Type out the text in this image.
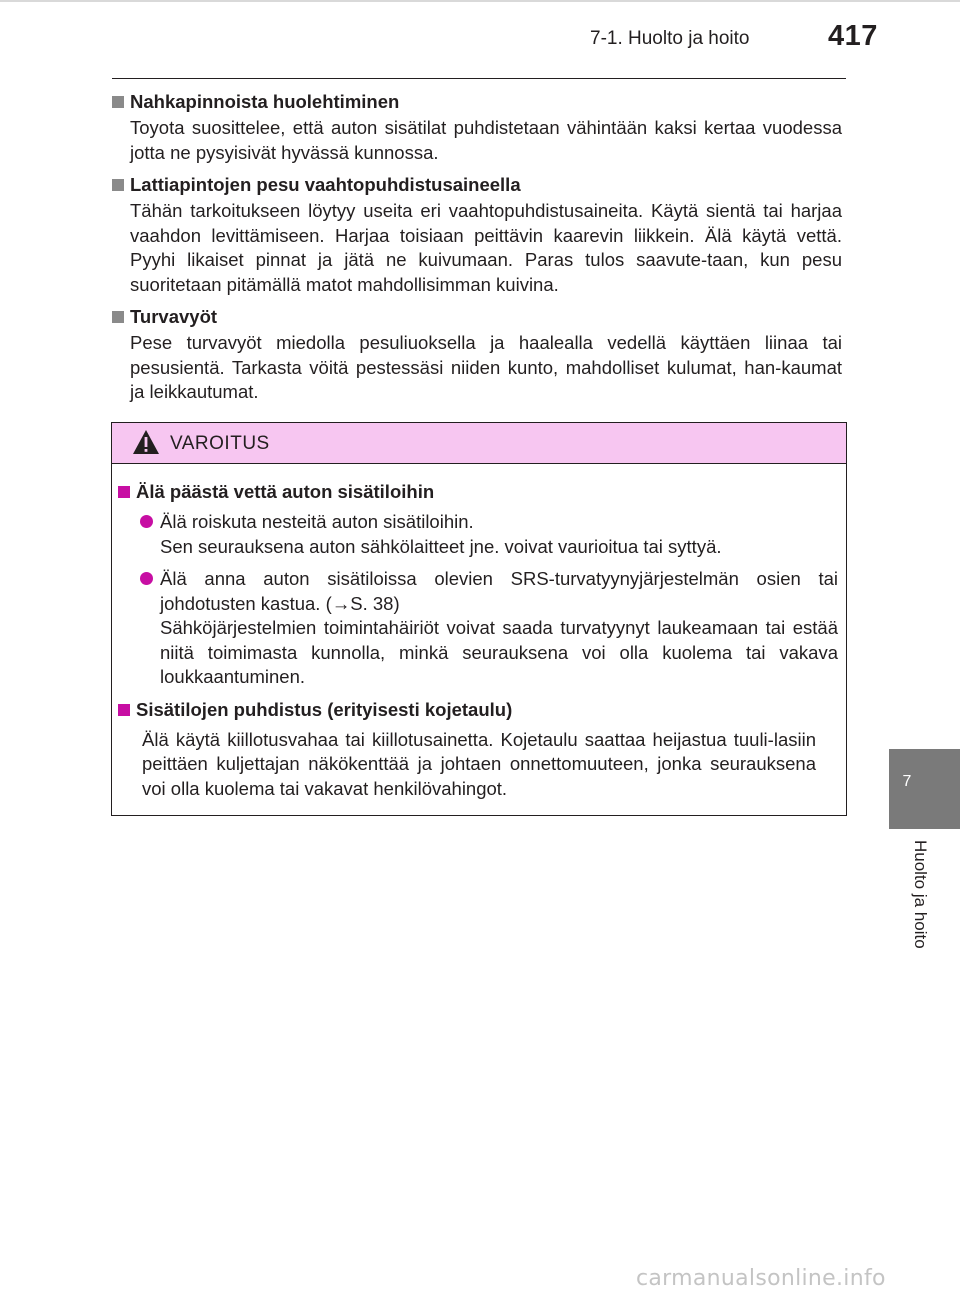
7-1. Huolto ja hoito	417
Nahkapinnoista huolehtiminen
Toyota suosittelee, että auton sisätilat puhdistetaan vähintään kaksi kertaa vuodessa jotta ne pysyisivät hyvässä kunnossa.
Lattiapintojen pesu vaahtopuhdistusaineella
Tähän tarkoitukseen löytyy useita eri vaahtopuhdistusaineita. Käytä sientä tai harjaa vaahdon levittämiseen. Harjaa toisiaan peittävin kaarevin liikkein. Älä käytä vettä. Pyyhi likaiset pinnat ja jätä ne kuivumaan. Paras tulos saavute-taan, kun pesu suoritetaan pitämällä matot mahdollisimman kuivina.
Turvavyöt
Pese turvavyöt miedolla pesuliuoksella ja haalealla vedellä käyttäen liinaa tai pesusientä. Tarkasta vöitä pestessäsi niiden kunto, mahdolliset kulumat, han-kaumat ja leikkautumat.
VAROITUS
Älä päästä vettä auton sisätiloihin
Älä roiskuta nesteitä auton sisätiloihin.
Sen seurauksena auton sähkölaitteet jne. voivat vaurioitua tai syttyä.
Älä anna auton sisätiloissa olevien SRS-turvatyynyjärjestelmän osien tai johdotusten kastua. (→S. 38)
Sähköjärjestelmien toimintahäiriöt voivat saada turvatyynyt laukeamaan tai estää niitä toimimasta kunnolla, minkä seurauksena voi olla kuolema tai vakava loukkaantuminen.
Sisätilojen puhdistus (erityisesti kojetaulu)
Älä käytä kiillotusvahaa tai kiillotusainetta. Kojetaulu saattaa heijastua tuuli-lasiin peittäen kuljettajan näkökenttää ja johtaen onnettomuuteen, jonka seurauksena voi olla kuolema tai vakavat henkilövahingot.	7
Huolto ja hoito
carmanualsonline.info
